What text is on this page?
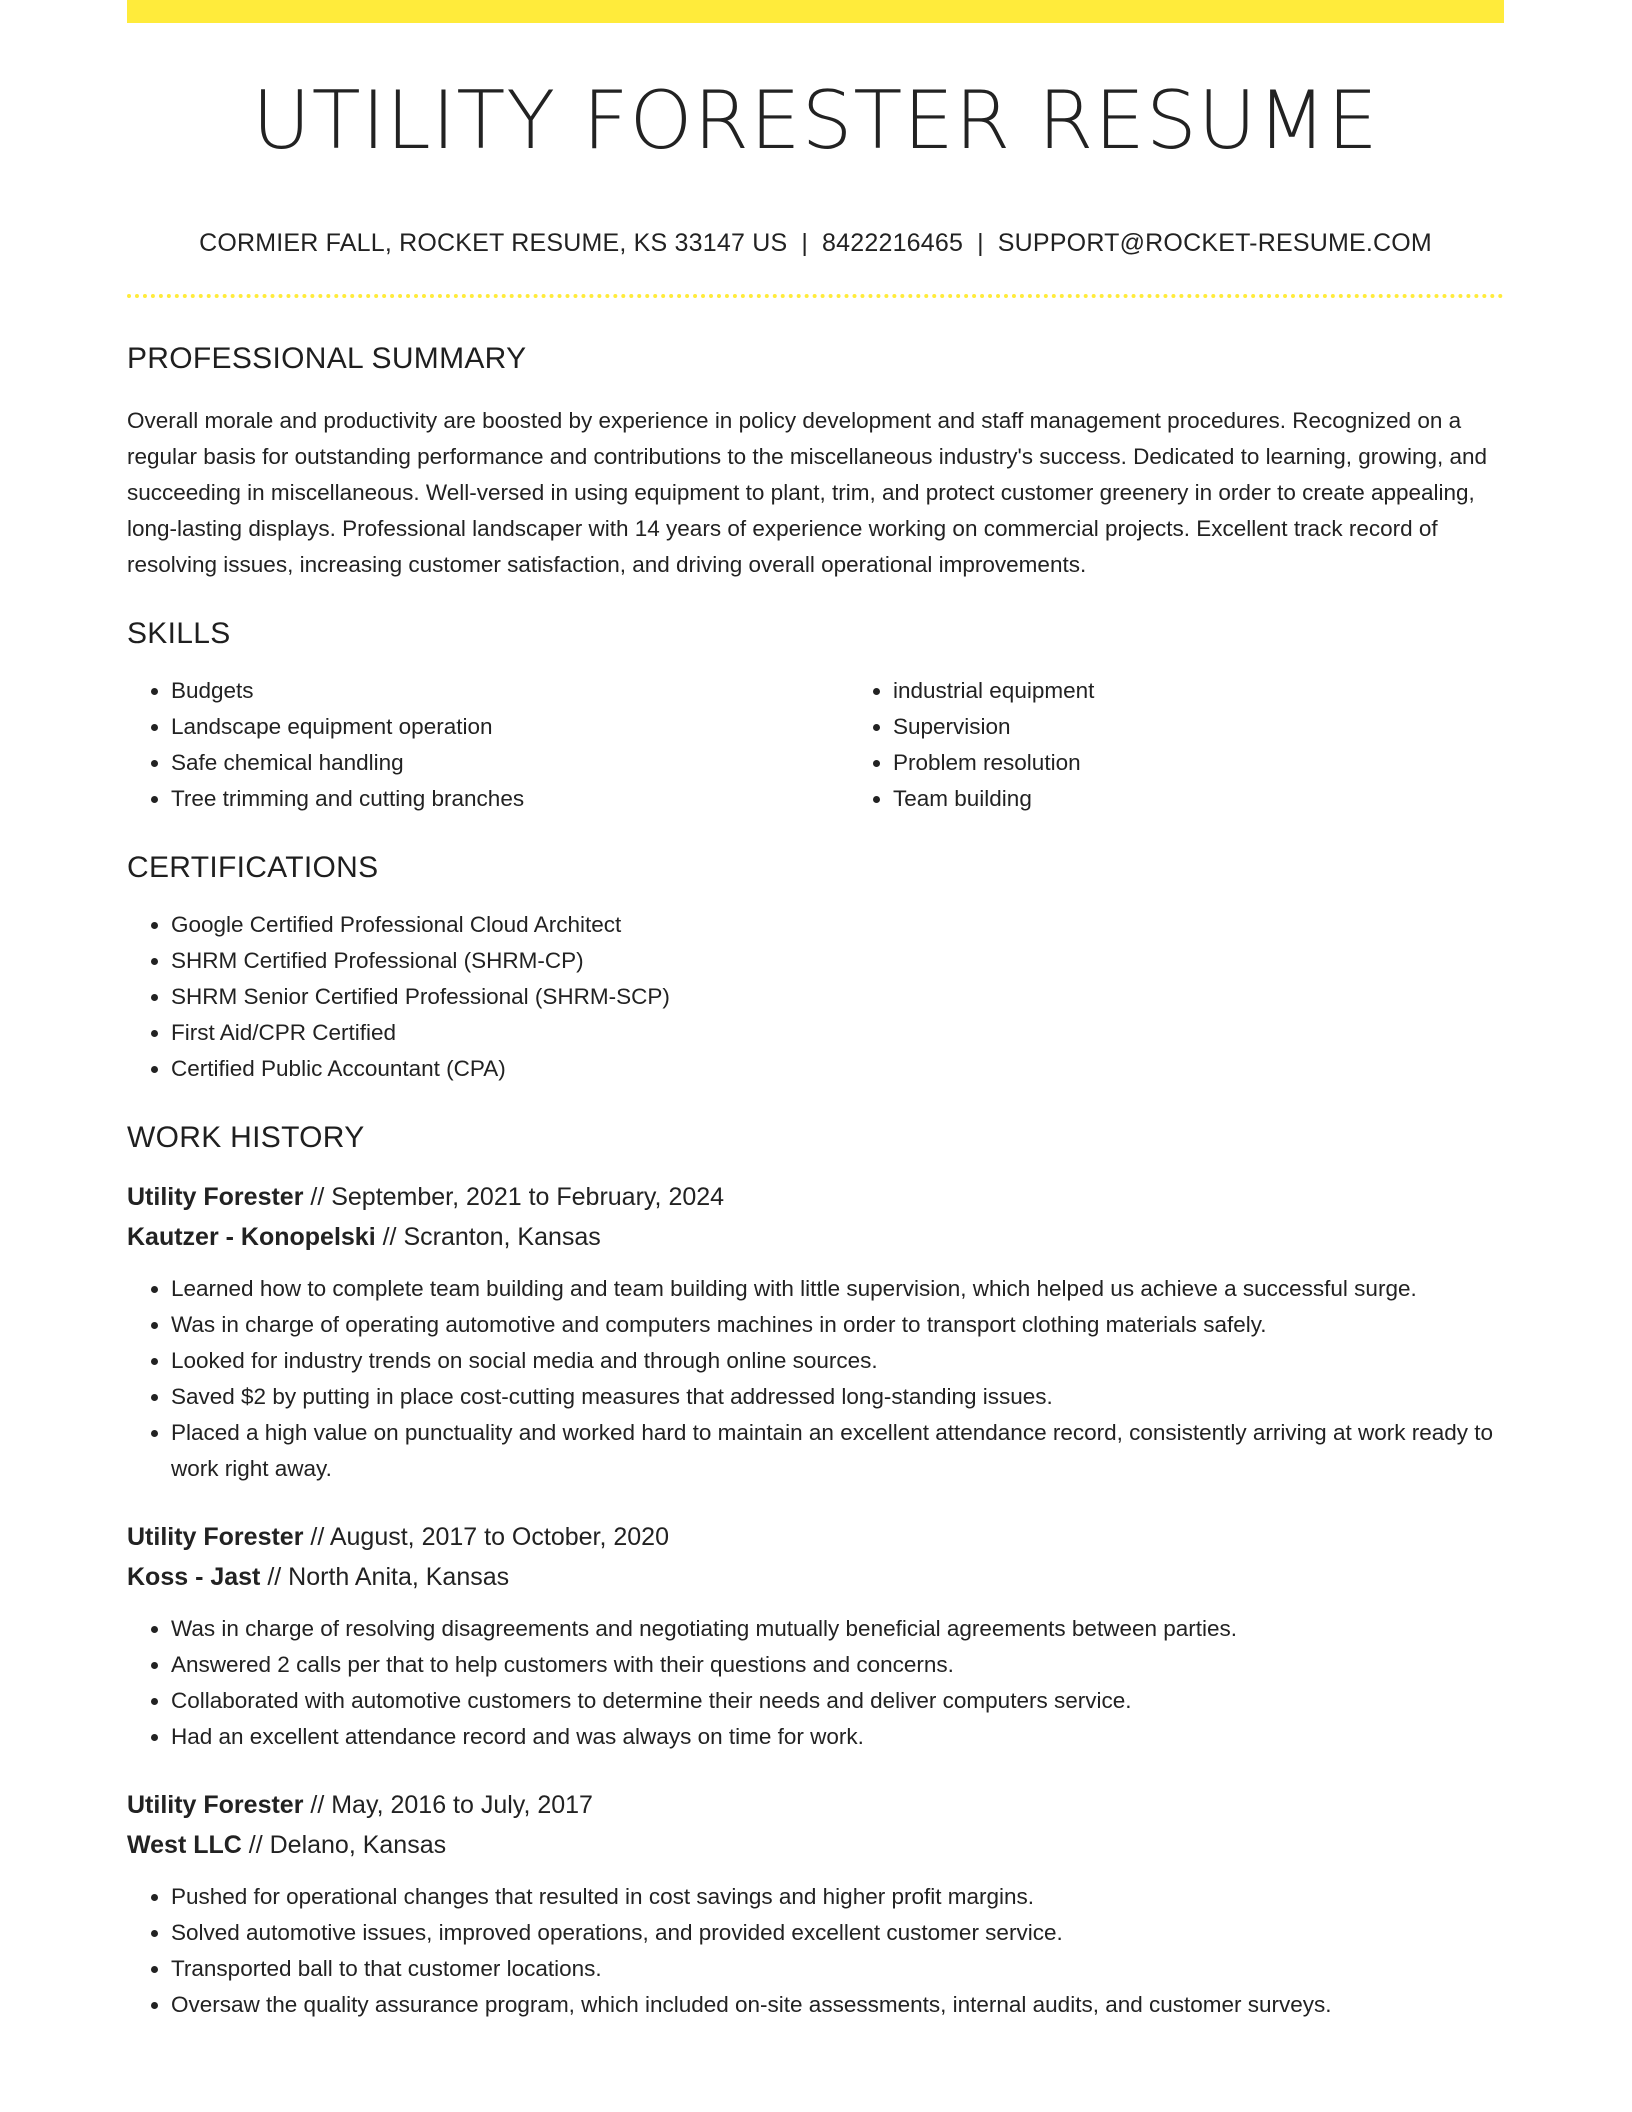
UTILITY FORESTER RESUME
CORMIER FALL, ROCKET RESUME, KS 33147 US | 8422216465 | SUPPORT@ROCKET-RESUME.COM
PROFESSIONAL SUMMARY

Overall morale and productivity are boosted by experience in policy development and staff management procedures. Recognized on a regular basis for outstanding performance and contributions to the miscellaneous industry's success. Dedicated to learning, growing, and succeeding in miscellaneous. Well-versed in using equipment to plant, trim, and protect customer greenery in order to create appealing, long-lasting displays. Professional landscaper with 14 years of experience working on commercial projects. Excellent track record of resolving issues, increasing customer satisfaction, and driving overall operational improvements.

SKILLS
• Budgets
• Landscape equipment operation
• Safe chemical handling
• Tree trimming and cutting branches
• industrial equipment
• Supervision
• Problem resolution
• Team building
CERTIFICATIONS
• Google Certified Professional Cloud Architect
• SHRM Certified Professional (SHRM-CP)
• SHRM Senior Certified Professional (SHRM-SCP)
• First Aid/CPR Certified
• Certified Public Accountant (CPA)
WORK HISTORY
Utility Forester // September, 2021 to February, 2024
Kautzer - Konopelski // Scranton, Kansas
• Learned how to complete team building and team building with little supervision, which helped us achieve a successful surge.
• Was in charge of operating automotive and computers machines in order to transport clothing materials safely.
• Looked for industry trends on social media and through online sources.
• Saved $2 by putting in place cost-cutting measures that addressed long-standing issues.
• Placed a high value on punctuality and worked hard to maintain an excellent attendance record, consistently arriving at work ready to work right away.
Utility Forester // August, 2017 to October, 2020
Koss - Jast // North Anita, Kansas
• Was in charge of resolving disagreements and negotiating mutually beneficial agreements between parties.
• Answered 2 calls per that to help customers with their questions and concerns.
• Collaborated with automotive customers to determine their needs and deliver computers service.
• Had an excellent attendance record and was always on time for work.
Utility Forester // May, 2016 to July, 2017
West LLC // Delano, Kansas
• Pushed for operational changes that resulted in cost savings and higher profit margins.
• Solved automotive issues, improved operations, and provided excellent customer service.
• Transported ball to that customer locations.
• Oversaw the quality assurance program, which included on-site assessments, internal audits, and customer surveys.
